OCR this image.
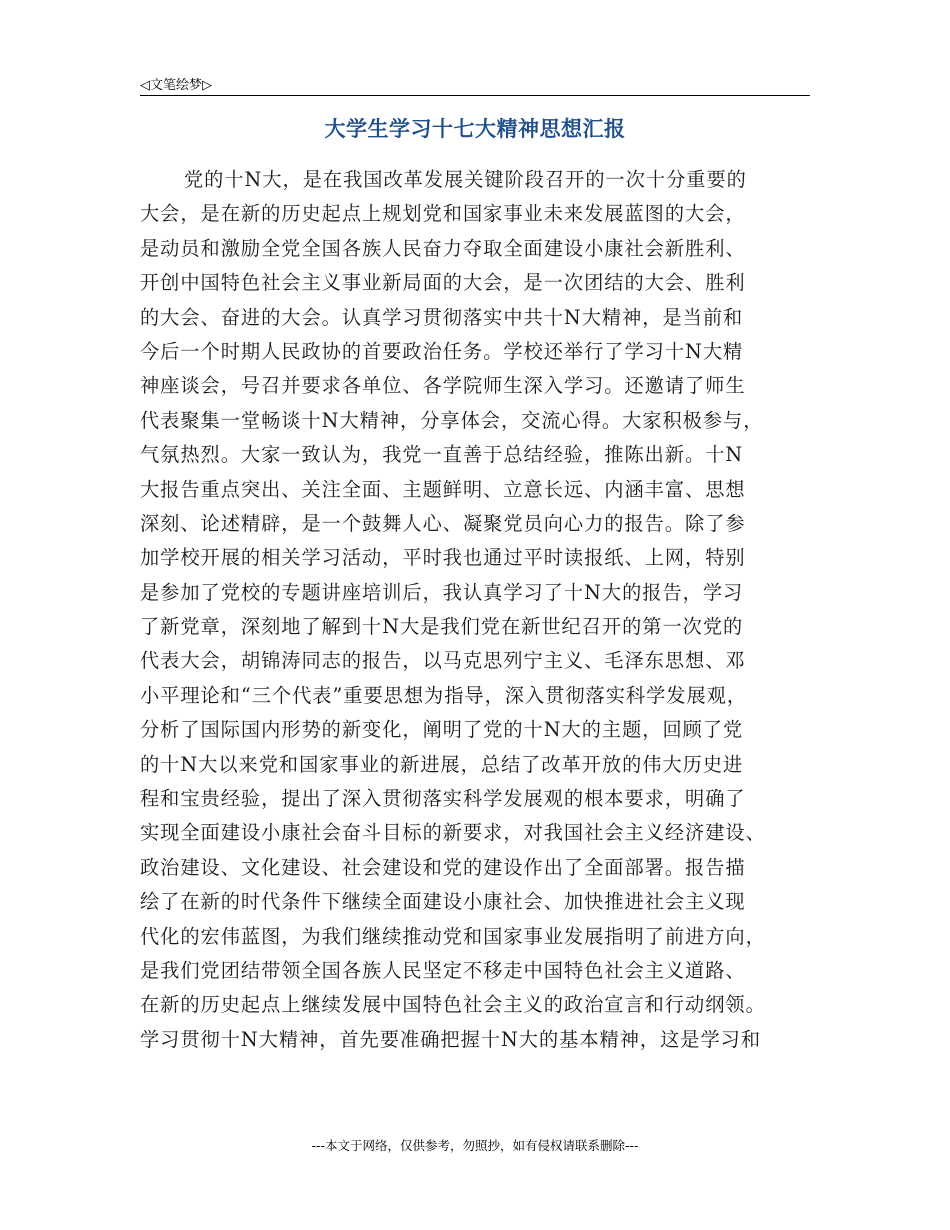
◁文笔绘梦▷
大学生学习十七大精神思想汇报
党的十N大，是在我国改革发展关键阶段召开的一次十分重要的
大会，是在新的历史起点上规划党和国家事业未来发展蓝图的大会，
是动员和激励全党全国各族人民奋力夺取全面建设小康社会新胜利、
开创中国特色社会主义事业新局面的大会，是一次团结的大会、胜利
的大会、奋进的大会。认真学习贯彻落实中共十N大精神，是当前和
今后一个时期人民政协的首要政治任务。学校还举行了学习十N大精
神座谈会，号召并要求各单位、各学院师生深入学习。还邀请了师生
代表聚集一堂畅谈十N大精神，分享体会，交流心得。大家积极参与，
气氛热烈。大家一致认为，我党一直善于总结经验，推陈出新。十N
大报告重点突出、关注全面、主题鲜明、立意长远、内涵丰富、思想
深刻、论述精辟，是一个鼓舞人心、凝聚党员向心力的报告。除了参
加学校开展的相关学习活动，平时我也通过平时读报纸、上网，特别
是参加了党校的专题讲座培训后，我认真学习了十N大的报告，学习
了新党章，深刻地了解到十N大是我们党在新世纪召开的第一次党的
代表大会，胡锦涛同志的报告，以马克思列宁主义、毛泽东思想、邓
小平理论和“三个代表”重要思想为指导，深入贯彻落实科学发展观，
分析了国际国内形势的新变化，阐明了党的十N大的主题，回顾了党
的十N大以来党和国家事业的新进展，总结了改革开放的伟大历史进
程和宝贵经验，提出了深入贯彻落实科学发展观的根本要求，明确了
实现全面建设小康社会奋斗目标的新要求，对我国社会主义经济建设、
政治建设、文化建设、社会建设和党的建设作出了全面部署。报告描
绘了在新的时代条件下继续全面建设小康社会、加快推进社会主义现
代化的宏伟蓝图，为我们继续推动党和国家事业发展指明了前进方向，
是我们党团结带领全国各族人民坚定不移走中国特色社会主义道路、
在新的历史起点上继续发展中国特色社会主义的政治宣言和行动纲领。
学习贯彻十N大精神，首先要准确把握十N大的基本精神，这是学习和
---本文于网络，仅供参考，勿照抄，如有侵权请联系删除---
